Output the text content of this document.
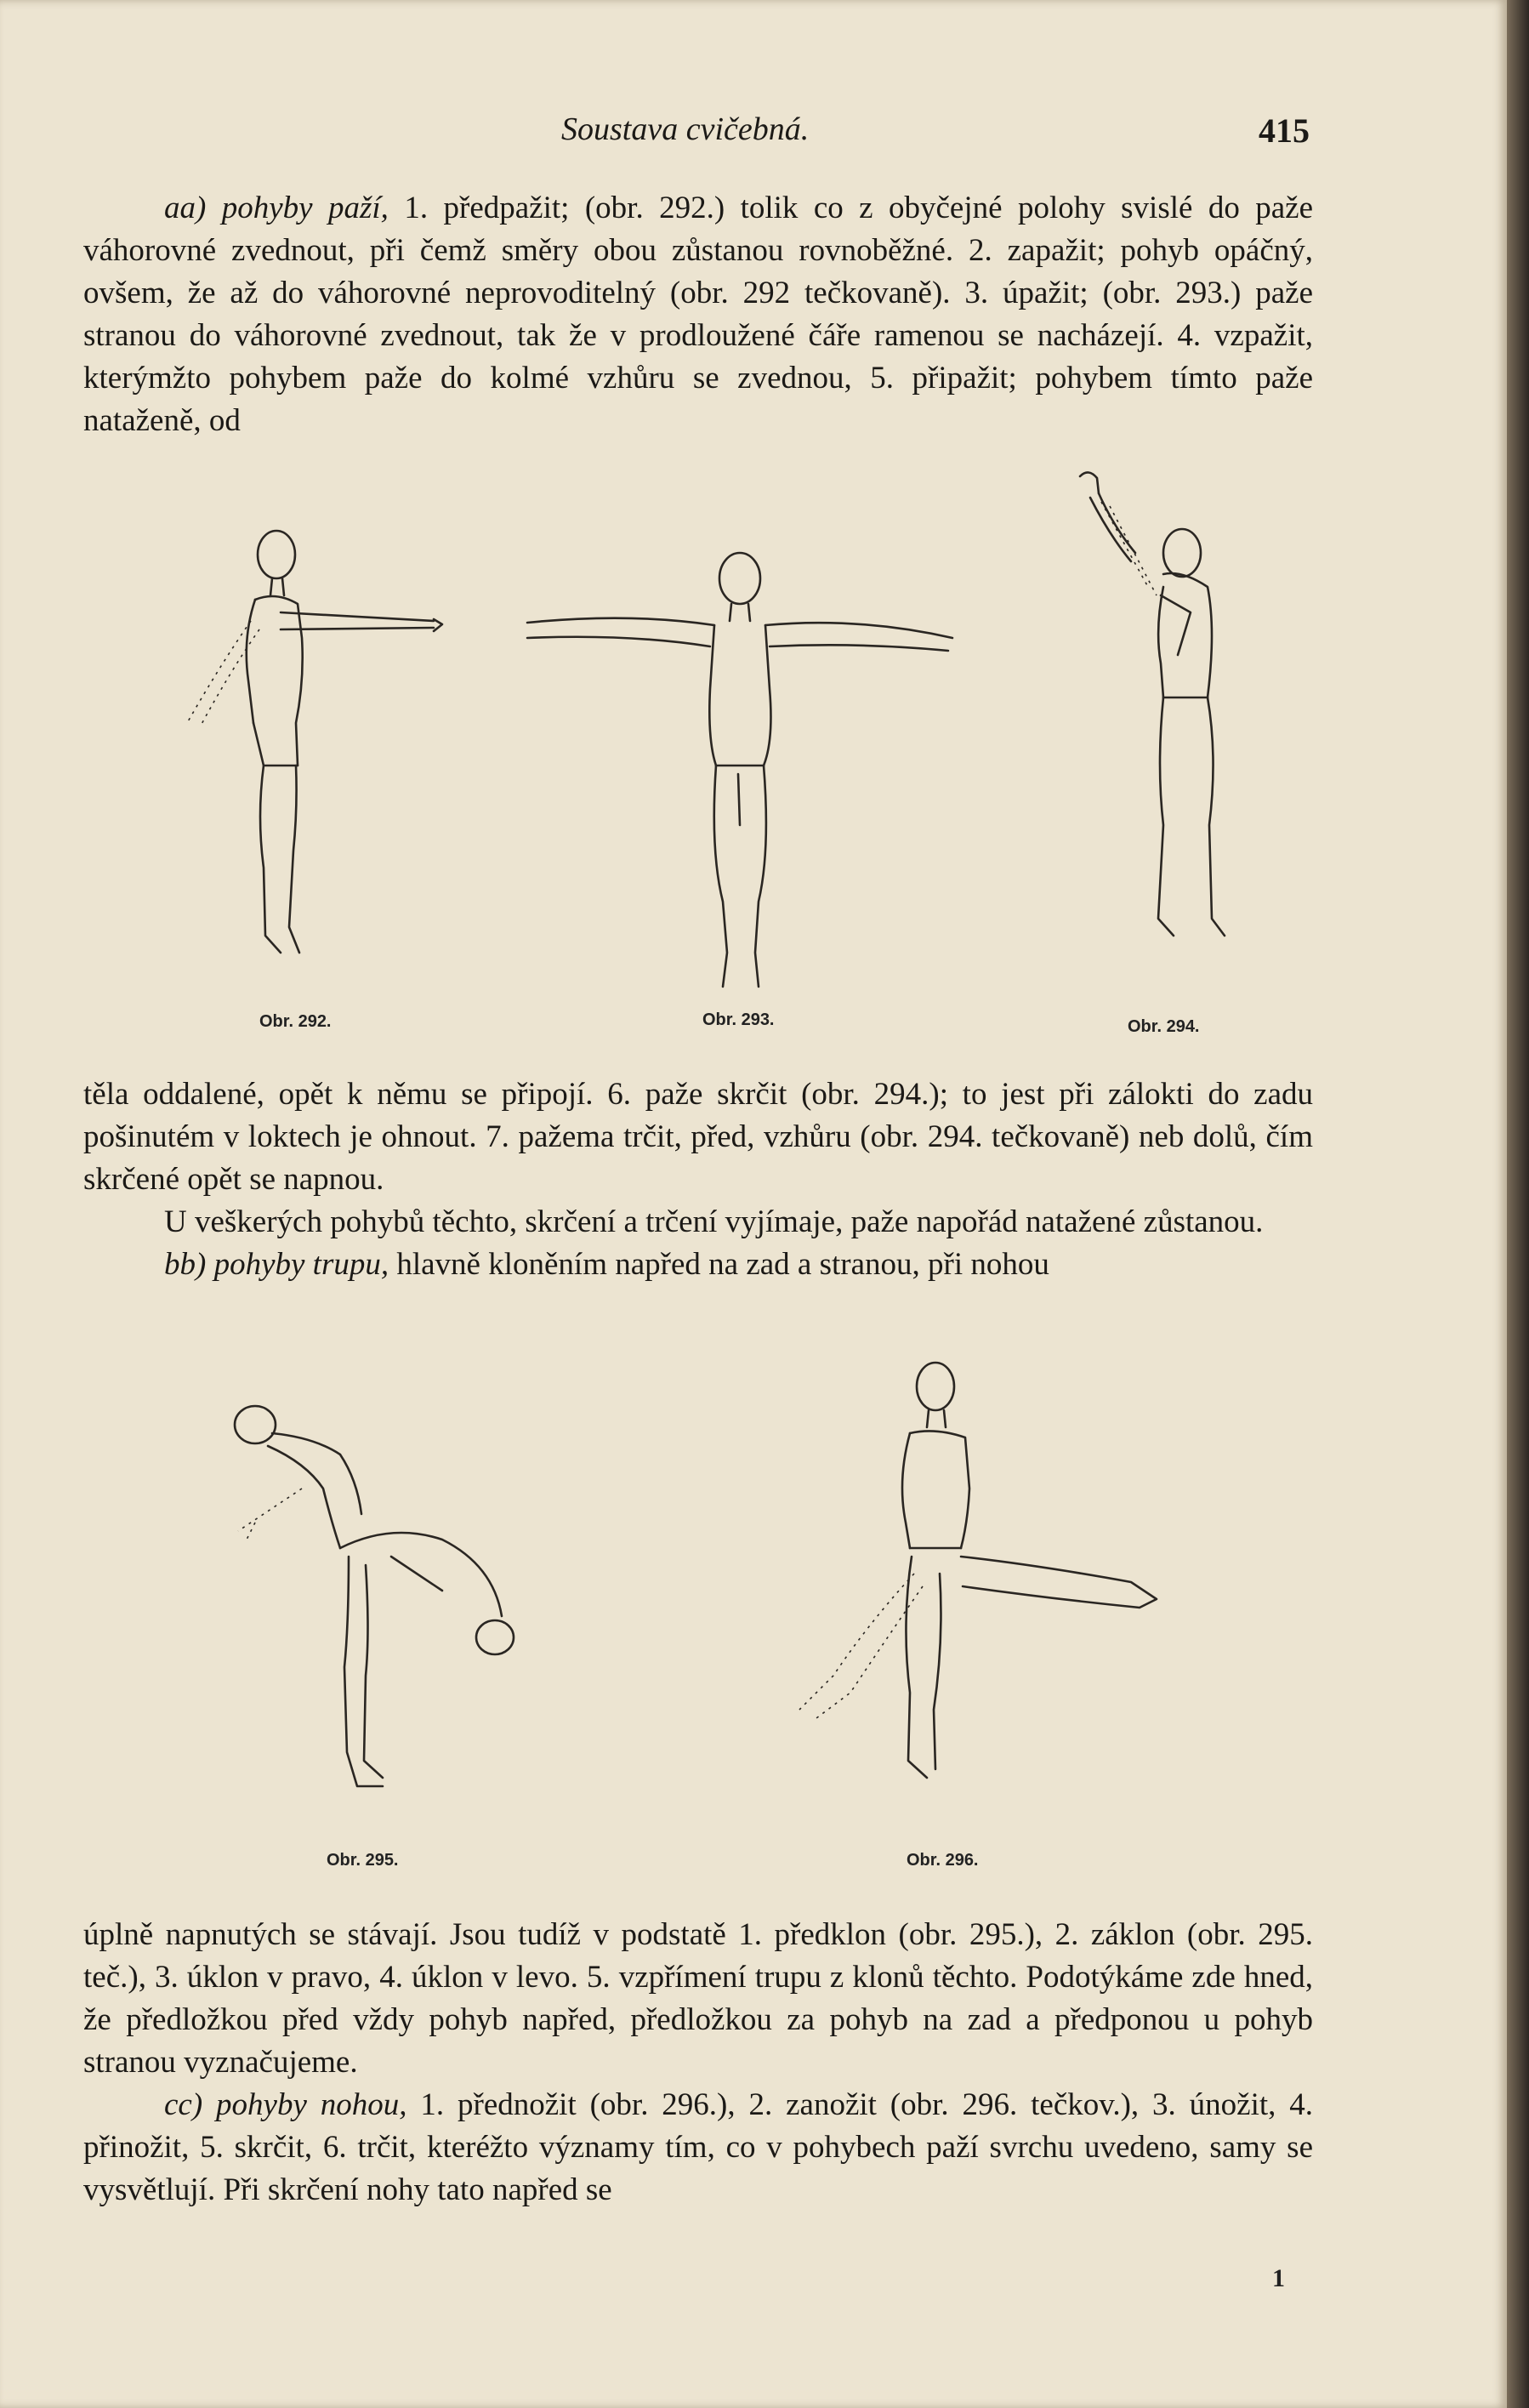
Soustava cvičebná.	415

aa) pohyby paží, 1. předpažit; (obr. 292.) tolik co z obyčejné polohy svislé do paže váhorovné zvednout, při čemž směry obou zůstanou rovnoběžné. 2. zapažit; pohyb opáčný, ovšem, že až do váhorovné neprovoditelný (obr. 292 tečkovaně). 3. úpažit; (obr. 293.) paže stranou do váhorovné zvednout, tak že v prodloužené čáře ramenou se nacházejí. 4. vzpažit, kterýmžto pohybem paže do kolmé vzhůru se zvednou, 5. připažit; pohybem tímto paže nataženě, od

Obr. 292.	Obr. 293.	Obr. 294.

těla oddalené, opět k němu se připojí. 6. paže skrčit (obr. 294.); to jest při zálokti do zadu pošinutém v loktech je ohnout. 7. pažema trčit, před, vzhůru (obr. 294. tečkovaně) neb dolů, čím skrčené opět se napnou.

U veškerých pohybů těchto, skrčení a trčení vyjímaje, paže napořád natažené zůstanou.

bb) pohyby trupu, hlavně kloněním napřed na zad a stranou, při nohou

Obr. 295.	Obr. 296.

úplně napnutých se stávají. Jsou tudíž v podstatě 1. předklon (obr. 295.), 2. záklon (obr. 295. teč.), 3. úklon v pravo, 4. úklon v levo. 5. vzpřímení trupu z klonů těchto. Podotýkáme zde hned, že předložkou před vždy pohyb napřed, předložkou za pohyb na zad a předponou u pohyb stranou vyznačujeme.

cc) pohyby nohou, 1. přednožit (obr. 296.), 2. zanožit (obr. 296. tečkov.), 3. únožit, 4. přinožit, 5. skrčit, 6. trčit, kteréžto významy tím, co v pohybech paží svrchu uvedeno, samy se vysvětlují. Při skrčení nohy tato napřed se

1
